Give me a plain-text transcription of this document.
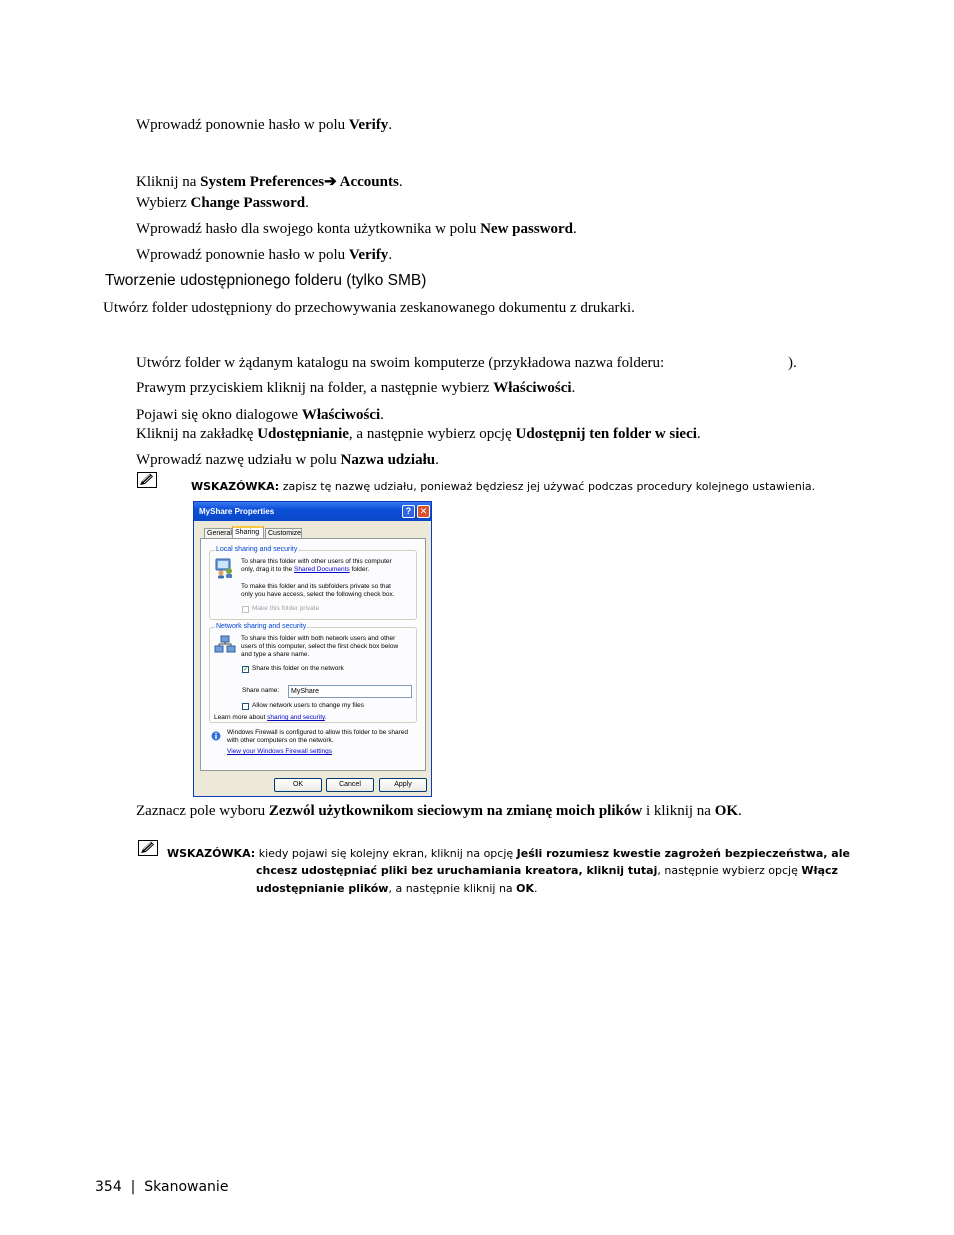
Wprowadź ponownie hasło w polu Verify.
Kliknij na System Preferences➔ Accounts.
Wybierz Change Password.
Wprowadź hasło dla swojego konta użytkownika w polu New password.
Wprowadź ponownie hasło w polu Verify.
Tworzenie udostępnionego folderu (tylko SMB)
Utwórz folder udostępniony do przechowywania zeskanowanego dokumentu z drukarki.
Utwórz folder w żądanym katalogu na swoim komputerze (przykładowa nazwa folderu:	).
Prawym przyciskiem kliknij na folder, a następnie wybierz Właściwości.
Pojawi się okno dialogowe Właściwości.
Kliknij na zakładkę Udostępnianie, a następnie wybierz opcję Udostępnij ten folder w sieci.
Wprowadź nazwę udziału w polu Nazwa udziału.
WSKAZÓWKA: zapisz tę nazwę udziału, ponieważ będziesz jej używać podczas procedury kolejnego ustawienia.
MyShare Properties	? ✕
General Sharing	Customize
Local sharing and security
To share this folder with other users of this computer
only, drag it to the Shared Documents folder.
To make this folder and its subfolders private so that
only you have access, select the following check box.
Make this folder private
Network sharing and security
To share this folder with both network users and other
users of this computer, select the first check box below
and type a share name.
✓ Share this folder on the network
Share name:	MyShare
Allow network users to change my files
Learn more about sharing and security.
Windows Firewall is configured to allow this folder to be shared
with other computers on the network.
View your Windows Firewall settings
OK	Cancel	Apply
Zaznacz pole wyboru Zezwól użytkownikom sieciowym na zmianę moich plików i kliknij na OK.
WSKAZÓWKA: kiedy pojawi się kolejny ekran, kliknij na opcję Jeśli rozumiesz kwestie zagrożeń bezpieczeństwa, ale
chcesz udostępniać pliki bez uruchamiania kreatora, kliknij tutaj, następnie wybierz opcję Włącz
udostępnianie plików, a następnie kliknij na OK.
354 | Skanowanie
